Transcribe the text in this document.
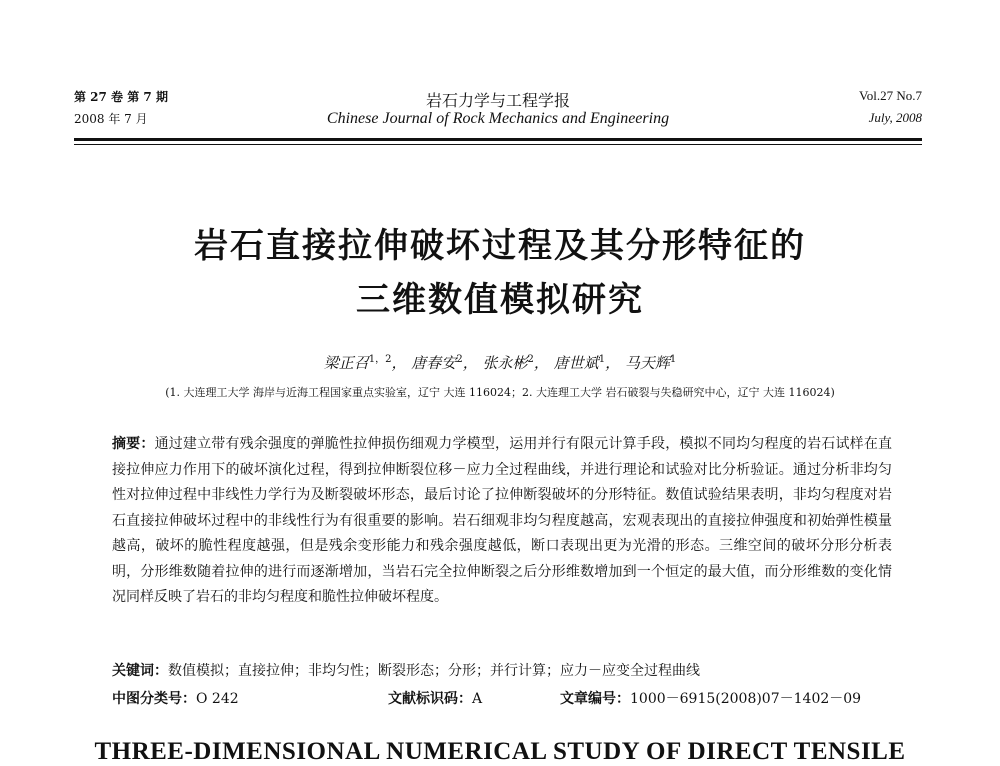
第 27 卷 第 7 期
2008 年 7 月
岩石力学与工程学报
Chinese Journal of Rock Mechanics and Engineering
Vol.27 No.7
July, 2008
岩石直接拉伸破坏过程及其分形特征的
三维数值模拟研究
梁正召$^{1,2}$， 唐春安$^2$， 张永彬$^2$， 唐世斌$^1$， 马天辉$^1$
(1. 大连理工大学 海岸与近海工程国家重点实验室，辽宁 大连 116024；2. 大连理工大学 岩石破裂与失稳研究中心，辽宁 大连 116024)
摘要：通过建立带有残余强度的弹脆性拉伸损伤细观力学模型，运用并行有限元计算手段，模拟不同均匀程度的岩石试样在直接拉伸应力作用下的破坏演化过程，得到拉伸断裂位移－应力全过程曲线，并进行理论和试验对比分析验证。通过分析非均匀性对拉伸过程中非线性力学行为及断裂破坏形态，最后讨论了拉伸断裂破坏的分形特征。数值试验结果表明，非均匀程度对岩石直接拉伸破坏过程中的非线性行为有很重要的影响。岩石细观非均匀程度越高，宏观表现出的直接拉伸强度和初始弹性模量越高，破坏的脆性程度越强，但是残余变形能力和残余强度越低，断口表现出更为光滑的形态。三维空间的破坏分形分析表明，分形维数随着拉伸的进行而逐渐增加，当岩石完全拉伸断裂之后分形维数增加到一个恒定的最大值，而分形维数的变化情况同样反映了岩石的非均匀程度和脆性拉伸破坏程度。
关键词：数值模拟；直接拉伸；非均匀性；断裂形态；分形；并行计算；应力－应变全过程曲线
中图分类号：O 242	文献标识码：A	文章编号：1000－6915(2008)07－1402－09
THREE-DIMENSIONAL NUMERICAL STUDY OF DIRECT TENSILE
